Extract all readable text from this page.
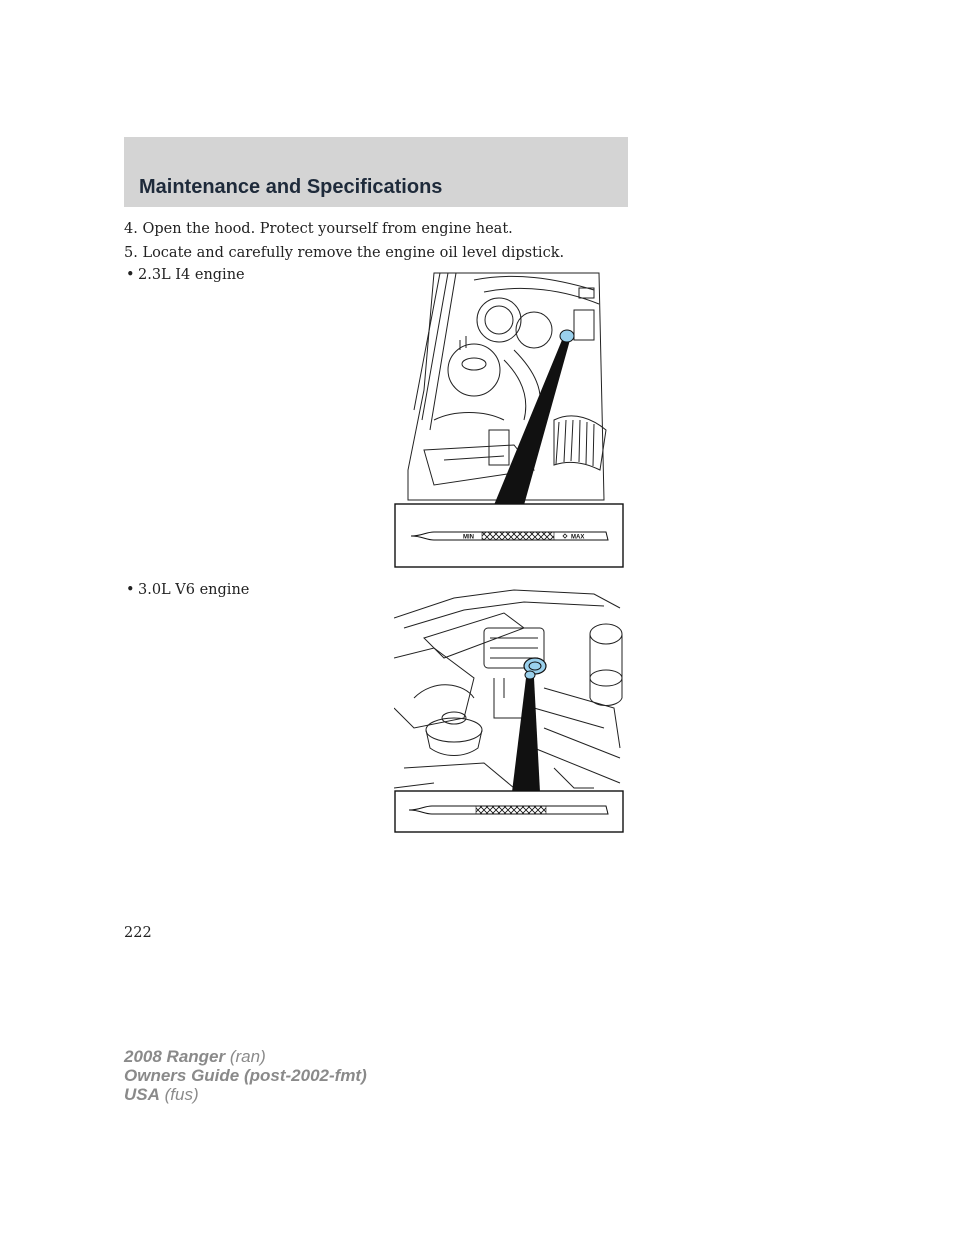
Maintenance and Specifications

4. Open the hood. Protect yourself from engine heat.

5. Locate and carefully remove the engine oil level dipstick.

• 2.3L I4 engine

MIN	MAX

• 3.0L V6 engine

222

2008 Ranger (ran)
Owners Guide (post-2002-fmt)
USA (fus)
